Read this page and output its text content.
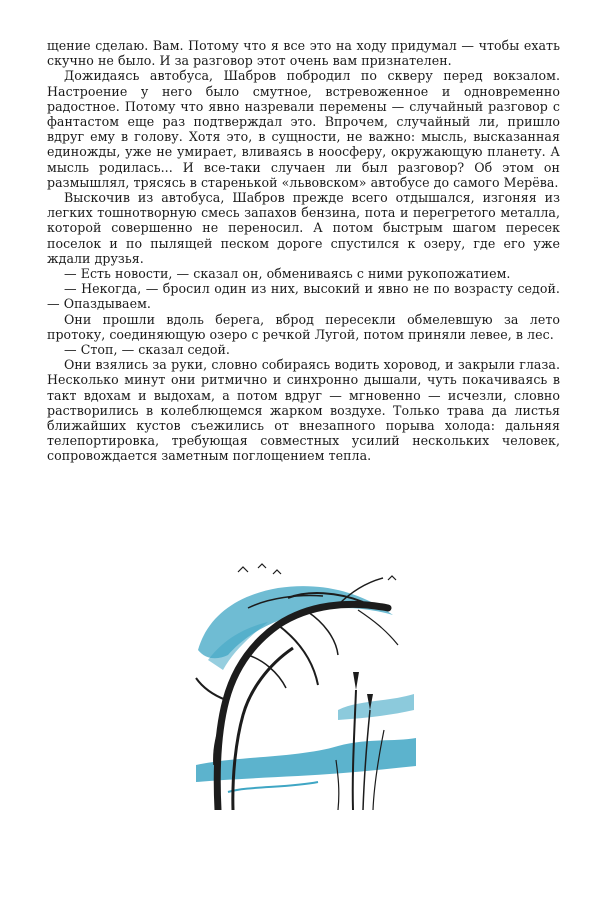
щение сделаю. Вам. Потому что я все это на ходу придумал — чтобы ехать скучно не было. И за разговор этот очень вам признателен.

Дожидаясь автобуса, Шабров побродил по скверу перед вокзалом. Настроение у него было смутное, встревоженное и одновременно радостное. Потому что явно назревали перемены — случайный разговор с фантастом еще раз подтверждал это. Впрочем, случайный ли, пришло вдруг ему в голову. Хотя это, в сущности, не важно: мысль, высказанная единожды, уже не умирает, вливаясь в ноосферу, окружающую планету. А мысль родилась... И все-таки случаен ли был разговор? Об этом он размышлял, трясясь в старенькой «львовском» автобусе до самого Мерёва.

Выскочив из автобуса, Шабров прежде всего отдышался, изгоняя из легких тошнотворную смесь запахов бензина, пота и перегретого металла, которой совершенно не переносил. А потом быстрым шагом пересек поселок и по пылящей песком дороге спустился к озеру, где его уже ждали друзья.

— Есть новости, — сказал он, обмениваясь с ними рукопожатием.

— Некогда, — бросил один из них, высокий и явно не по возрасту седой. — Опаздываем.

Они прошли вдоль берега, вброд пересекли обмелевшую за лето протоку, соединяющую озеро с речкой Лугой, потом приняли левее, в лес.

— Стоп, — сказал седой.

Они взялись за руки, словно собираясь водить хоровод, и закрыли глаза. Несколько минут они ритмично и синхронно дышали, чуть покачиваясь в такт вдохам и выдохам, а потом вдруг — мгновенно — исчезли, словно растворились в колеблющемся жарком воздухе. Только трава да листья ближайших кустов съежились от внезапного порыва холода: дальняя телепортировка, требующая совместных усилий нескольких человек, сопровождается заметным поглощением тепла.
